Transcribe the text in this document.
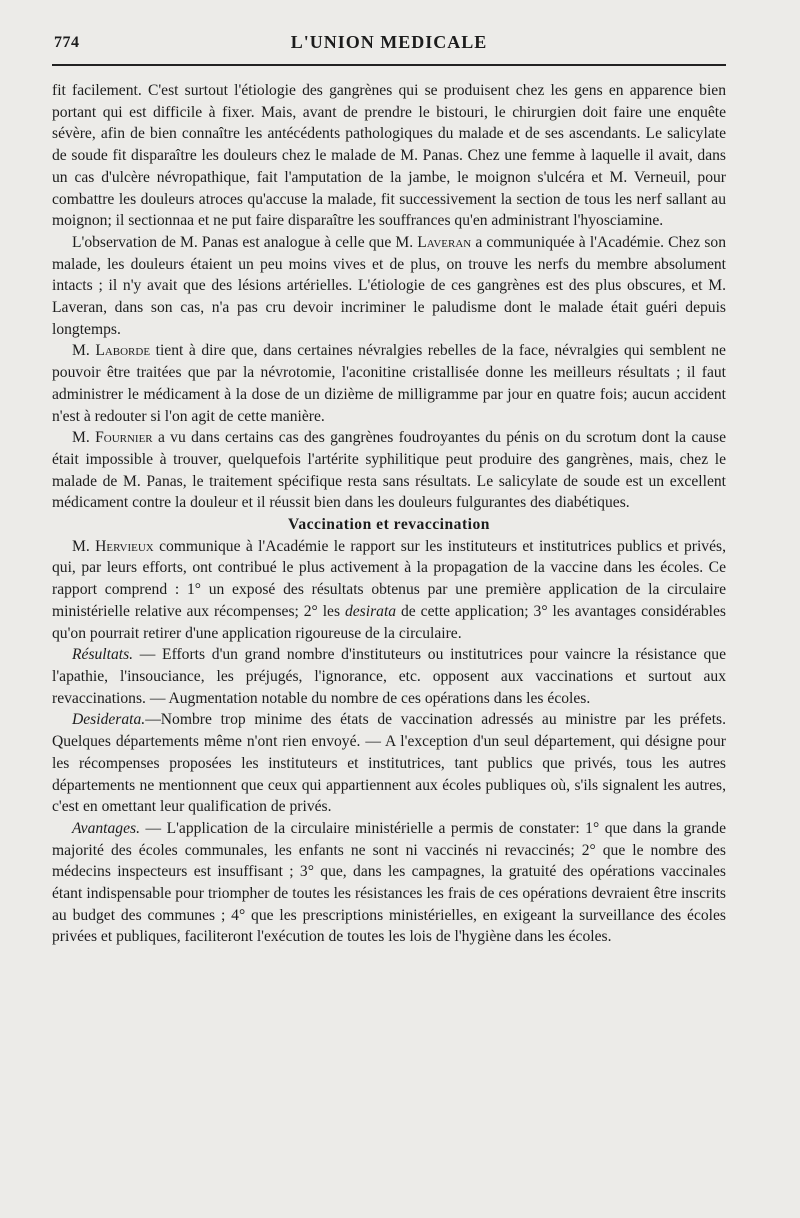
774	L'UNION MEDICALE

fit facilement. C'est surtout l'étiologie des gangrènes qui se produisent chez les gens en apparence bien portant qui est difficile à fixer. Mais, avant de prendre le bistouri, le chirurgien doit faire une enquête sévère, afin de bien connaître les antécédents pathologiques du malade et de ses ascendants. Le salicylate de soude fit disparaître les douleurs chez le malade de M. Panas. Chez une femme à laquelle il avait, dans un cas d'ulcère névropathique, fait l'amputation de la jambe, le moignon s'ulcéra et M. Verneuil, pour combattre les douleurs atroces qu'accuse la malade, fit successivement la section de tous les nerf sallant au moignon; il sectionnaa et ne put faire disparaître les souffrances qu'en administrant l'hyosciamine.

L'observation de M. Panas est analogue à celle que M. Laveran a communiquée à l'Académie. Chez son malade, les douleurs étaient un peu moins vives et de plus, on trouve les nerfs du membre absolument intacts ; il n'y avait que des lésions artérielles. L'étiologie de ces gangrènes est des plus obscures, et M. Laveran, dans son cas, n'a pas cru devoir incriminer le paludisme dont le malade était guéri depuis longtemps.

M. Laborde tient à dire que, dans certaines névralgies rebelles de la face, névralgies qui semblent ne pouvoir être traitées que par la névrotomie, l'aconitine cristallisée donne les meilleurs résultats ; il faut administrer le médicament à la dose de un dizième de milligramme par jour en quatre fois; aucun accident n'est à redouter si l'on agit de cette manière.

M. Fournier a vu dans certains cas des gangrènes foudroyantes du pénis on du scrotum dont la cause était impossible à trouver, quelquefois l'artérite syphilitique peut produire des gangrènes, mais, chez le malade de M. Panas, le traitement spécifique resta sans résultats. Le salicylate de soude est un excellent médicament contre la douleur et il réussit bien dans les douleurs fulgurantes des diabétiques.

Vaccination et revaccination

M. Hervieux communique à l'Académie le rapport sur les instituteurs et institutrices publics et privés, qui, par leurs efforts, ont contribué le plus activement à la propagation de la vaccine dans les écoles. Ce rapport comprend : 1° un exposé des résultats obtenus par une première application de la circulaire ministérielle relative aux récompenses; 2° les desirata de cette application; 3° les avantages considérables qu'on pourrait retirer d'une application rigoureuse de la circulaire.

Résultats. — Efforts d'un grand nombre d'instituteurs ou institutrices pour vaincre la résistance que l'apathie, l'insouciance, les préjugés, l'ignorance, etc. opposent aux vaccinations et surtout aux revaccinations. — Augmentation notable du nombre de ces opérations dans les écoles.

Desiderata.—Nombre trop minime des états de vaccination adressés au ministre par les préfets. Quelques départements même n'ont rien envoyé. — A l'exception d'un seul département, qui désigne pour les récompenses proposées les instituteurs et institutrices, tant publics que privés, tous les autres départements ne mentionnent que ceux qui appartiennent aux écoles publiques où, s'ils signalent les autres, c'est en omettant leur qualification de privés.

Avantages. — L'application de la circulaire ministérielle a permis de constater: 1° que dans la grande majorité des écoles communales, les enfants ne sont ni vaccinés ni revaccinés; 2° que le nombre des médecins inspecteurs est insuffisant ; 3° que, dans les campagnes, la gratuité des opérations vaccinales étant indispensable pour triompher de toutes les résistances les frais de ces opérations devraient être inscrits au budget des communes ; 4° que les prescriptions ministérielles, en exigeant la surveillance des écoles privées et publiques, faciliteront l'exécution de toutes les lois de l'hygiène dans les écoles.
